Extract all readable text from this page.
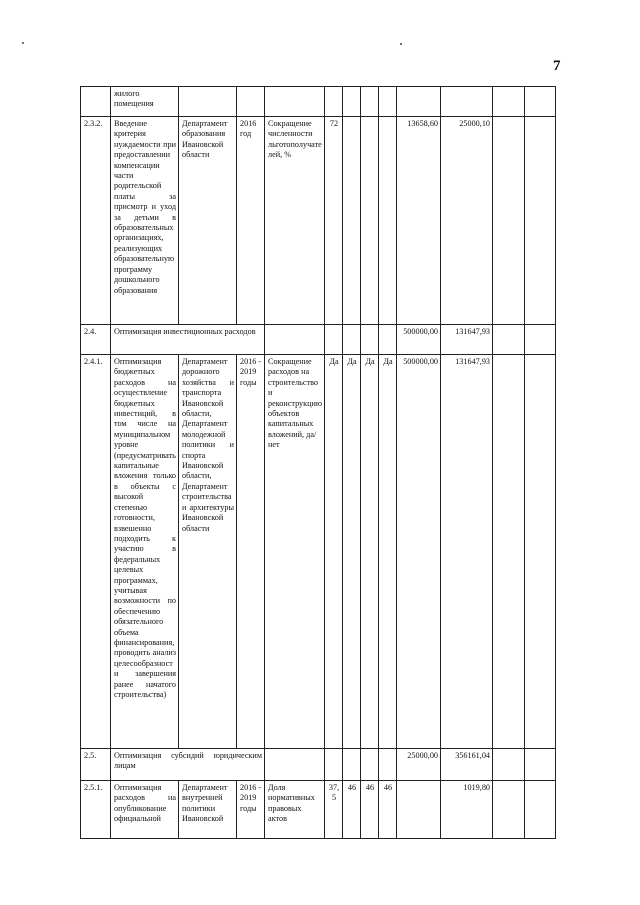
7
	жилого помещения											
2.3.2.	Введение критерия нуждаемости при предоставлении компенсации части родительской платы за присмотр и уход за детьми в образовательных организациях, реализующих образовательную программу дошкольного образования	Департамент образования Ивановской области	2016 год	Сокращение численности льготополучателей, %	72				13658,60	25000,10		
2.4.	Оптимизация инвестиционных расходов								500000,00	131647,93		
2.4.1.	Оптимизация бюджетных расходов на осуществление бюджетных инвестиций, в том числе на муниципальном уровне (предусматривать капитальные вложения только в объекты с высокой степенью готовности, взвешенно подходить к участию в федеральных целевых программах, учитывая возможности по обеспечению обязательного объема финансирования, проводить анализ целесообразности завершения ранее начатого строительства)	Департамент дорожного хозяйства и транспорта Ивановской области, Департамент молодежной политики и спорта Ивановской области, Департамент строительства и архитектуры Ивановской области	2016 - 2019 годы	Сокращение расходов на строительство и реконструкцию объектов капитальных вложений, да/нет	Да	Да	Да	Да	500000,00	131647,93		
2.5.	Оптимизация субсидий юридическим лицам								25000,00	356161,04		
2.5.1.	Оптимизация расходов на опубликование официальной	Департамент внутренней политики Ивановской	2016 - 2019 годы	Доля нормативных правовых актов	37,5	46	46	46		1019,80		
